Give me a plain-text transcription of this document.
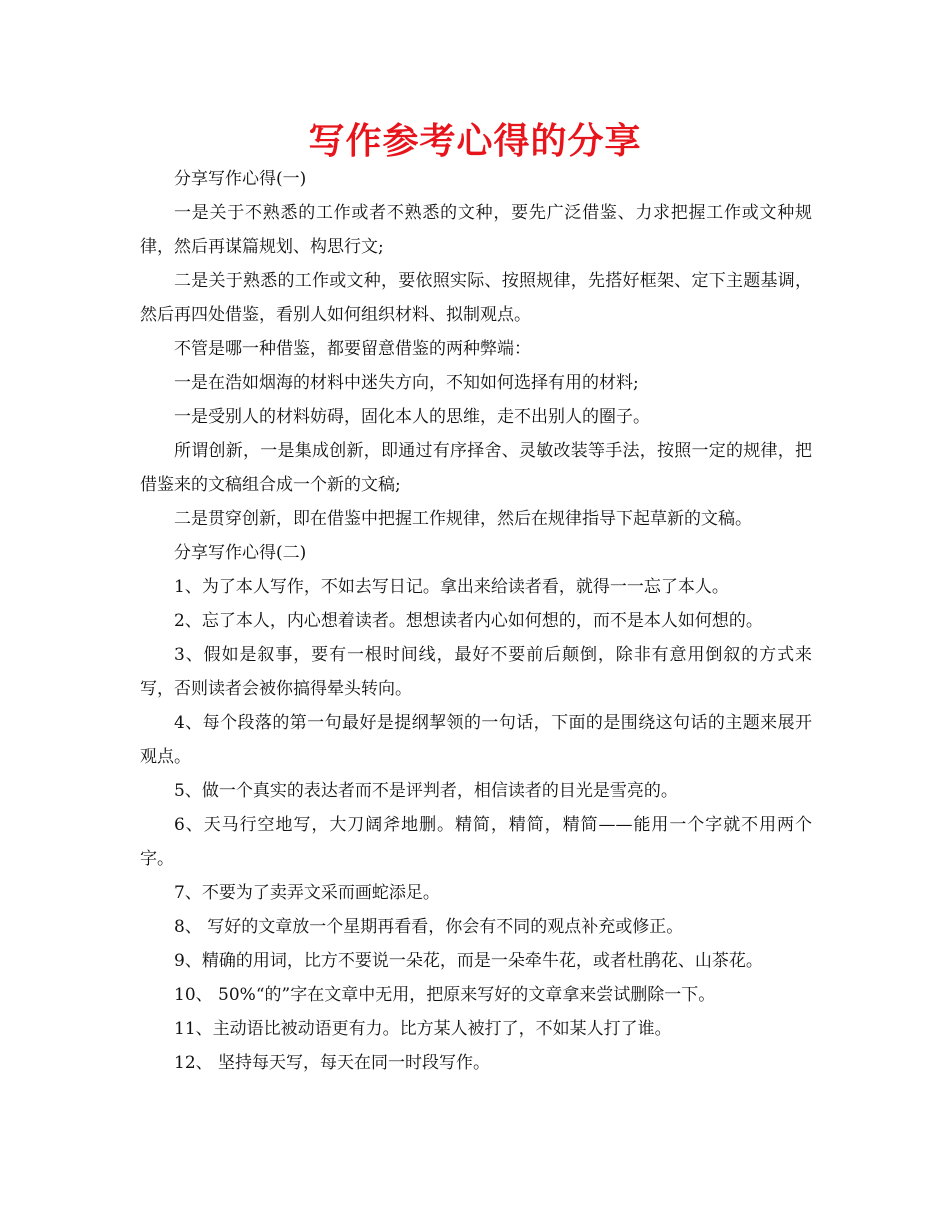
写作参考心得的分享

分享写作心得(一)

一是关于不熟悉的工作或者不熟悉的文种，要先广泛借鉴、力求把握工作或文种规律，然后再谋篇规划、构思行文;

二是关于熟悉的工作或文种，要依照实际、按照规律，先搭好框架、定下主题基调，然后再四处借鉴，看别人如何组织材料、拟制观点。

不管是哪一种借鉴，都要留意借鉴的两种弊端：

一是在浩如烟海的材料中迷失方向，不知如何选择有用的材料;

一是受别人的材料妨碍，固化本人的思维，走不出别人的圈子。

所谓创新，一是集成创新，即通过有序择舍、灵敏改装等手法，按照一定的规律，把借鉴来的文稿组合成一个新的文稿;

二是贯穿创新，即在借鉴中把握工作规律，然后在规律指导下起草新的文稿。

分享写作心得(二)

1、为了本人写作，不如去写日记。拿出来给读者看，就得一一忘了本人。

2、忘了本人，内心想着读者。想想读者内心如何想的，而不是本人如何想的。

3、假如是叙事，要有一根时间线，最好不要前后颠倒，除非有意用倒叙的方式来写，否则读者会被你搞得晕头转向。

4、每个段落的第一句最好是提纲挈领的一句话，下面的是围绕这句话的主题来展开观点。

5、做一个真实的表达者而不是评判者，相信读者的目光是雪亮的。

6、天马行空地写，大刀阔斧地删。精简，精简，精简——能用一个字就不用两个字。

7、不要为了卖弄文采而画蛇添足。

8、 写好的文章放一个星期再看看，你会有不同的观点补充或修正。

9、精确的用词，比方不要说一朵花，而是一朵牵牛花，或者杜鹃花、山茶花。

10、 50%“的”字在文章中无用，把原来写好的文章拿来尝试删除一下。

11、主动语比被动语更有力。比方某人被打了，不如某人打了谁。

12、 坚持每天写，每天在同一时段写作。
